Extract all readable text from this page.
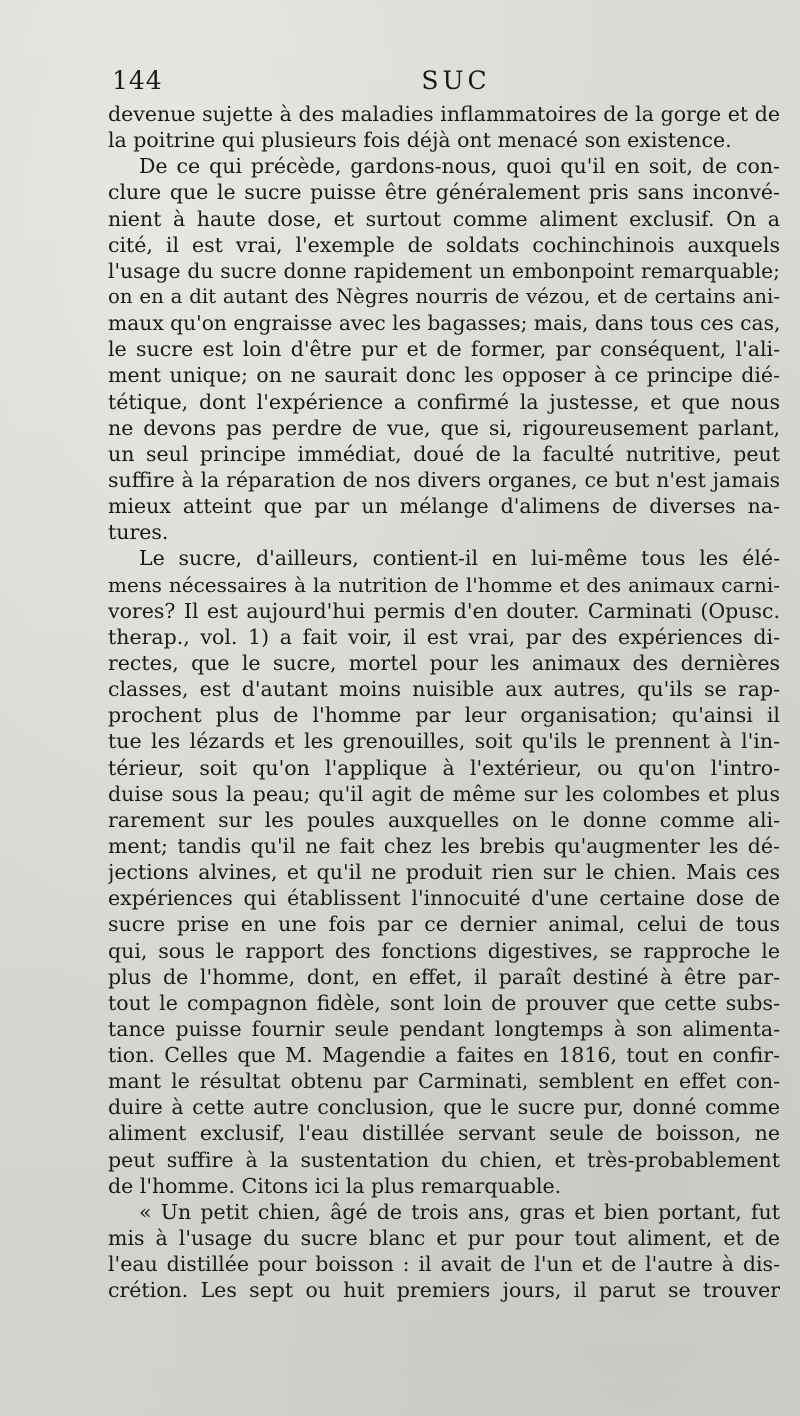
144	SUC
devenue sujette à des maladies inflammatoires de la gorge et de
la poitrine qui plusieurs fois déjà ont menacé son existence.
De ce qui précède, gardons-nous, quoi qu'il en soit, de con-
clure que le sucre puisse être généralement pris sans inconvé-
nient à haute dose, et surtout comme aliment exclusif. On a
cité, il est vrai, l'exemple de soldats cochinchinois auxquels
l'usage du sucre donne rapidement un embonpoint remarquable;
on en a dit autant des Nègres nourris de vézou, et de certains ani-
maux qu'on engraisse avec les bagasses; mais, dans tous ces cas,
le sucre est loin d'être pur et de former, par conséquent, l'ali-
ment unique; on ne saurait donc les opposer à ce principe dié-
tétique, dont l'expérience a confirmé la justesse, et que nous
ne devons pas perdre de vue, que si, rigoureusement parlant,
un seul principe immédiat, doué de la faculté nutritive, peut
suffire à la réparation de nos divers organes, ce but n'est jamais
mieux atteint que par un mélange d'alimens de diverses na-
tures.
Le sucre, d'ailleurs, contient-il en lui-même tous les élé-
mens nécessaires à la nutrition de l'homme et des animaux carni-
vores? Il est aujourd'hui permis d'en douter. Carminati (Opusc.
therap., vol. 1) a fait voir, il est vrai, par des expériences di-
rectes, que le sucre, mortel pour les animaux des dernières
classes, est d'autant moins nuisible aux autres, qu'ils se rap-
prochent plus de l'homme par leur organisation; qu'ainsi il
tue les lézards et les grenouilles, soit qu'ils le prennent à l'in-
térieur, soit qu'on l'applique à l'extérieur, ou qu'on l'intro-
duise sous la peau; qu'il agit de même sur les colombes et plus
rarement sur les poules auxquelles on le donne comme ali-
ment; tandis qu'il ne fait chez les brebis qu'augmenter les dé-
jections alvines, et qu'il ne produit rien sur le chien. Mais ces
expériences qui établissent l'innocuité d'une certaine dose de
sucre prise en une fois par ce dernier animal, celui de tous
qui, sous le rapport des fonctions digestives, se rapproche le
plus de l'homme, dont, en effet, il paraît destiné à être par-
tout le compagnon fidèle, sont loin de prouver que cette subs-
tance puisse fournir seule pendant longtemps à son alimenta-
tion. Celles que M. Magendie a faites en 1816, tout en confir-
mant le résultat obtenu par Carminati, semblent en effet con-
duire à cette autre conclusion, que le sucre pur, donné comme
aliment exclusif, l'eau distillée servant seule de boisson, ne
peut suffire à la sustentation du chien, et très-probablement
de l'homme. Citons ici la plus remarquable.
« Un petit chien, âgé de trois ans, gras et bien portant, fut
mis à l'usage du sucre blanc et pur pour tout aliment, et de
l'eau distillée pour boisson : il avait de l'un et de l'autre à dis-
crétion. Les sept ou huit premiers jours, il parut se trouver
